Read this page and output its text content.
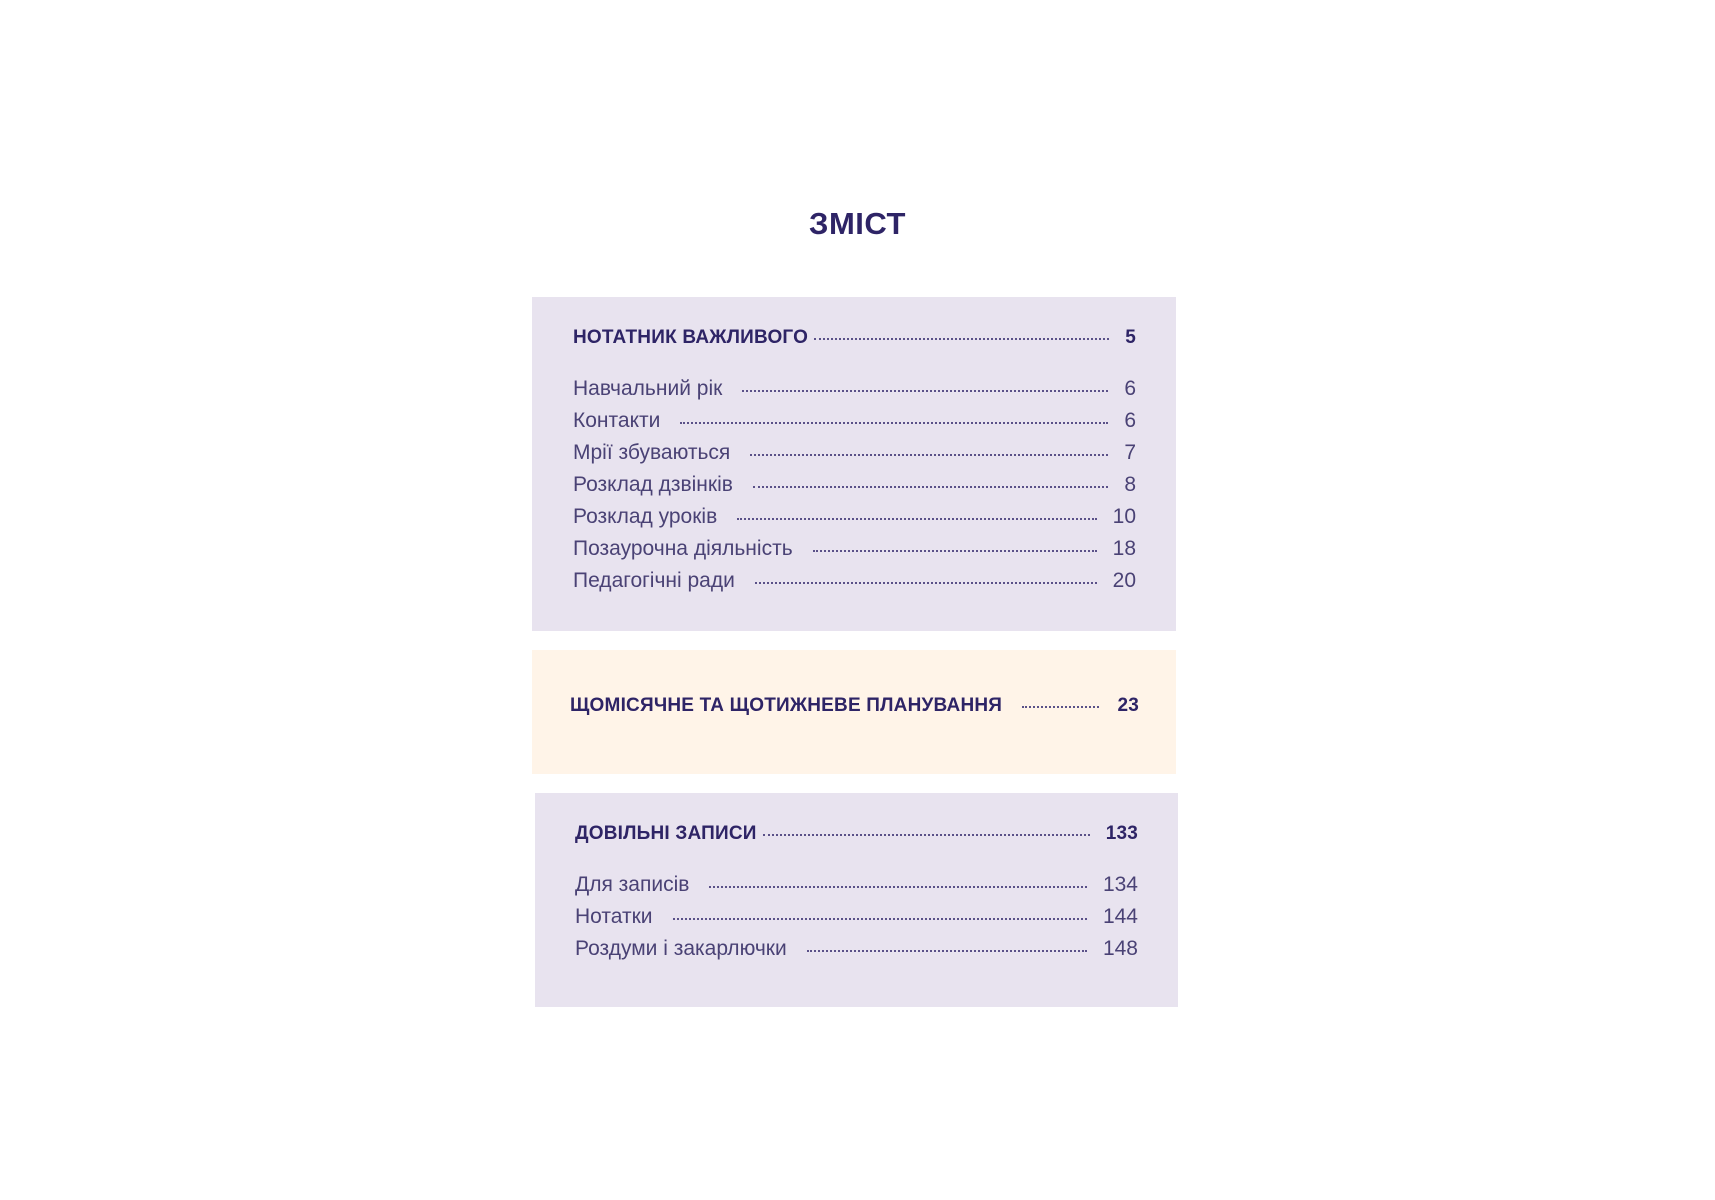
ЗМІСТ
НОТАТНИК ВАЖЛИВОГО	5
Навчальний рік	6
Контакти	6
Мрії збуваються	7
Розклад дзвінків	8
Розклад уроків	10
Позаурочна діяльність	18
Педагогічні ради	20
ЩОМІСЯЧНЕ ТА ЩОТИЖНЕВЕ ПЛАНУВАННЯ	23
ДОВІЛЬНІ ЗАПИСИ	133
Для записів	134
Нотатки	144
Роздуми і закарлючки	148
